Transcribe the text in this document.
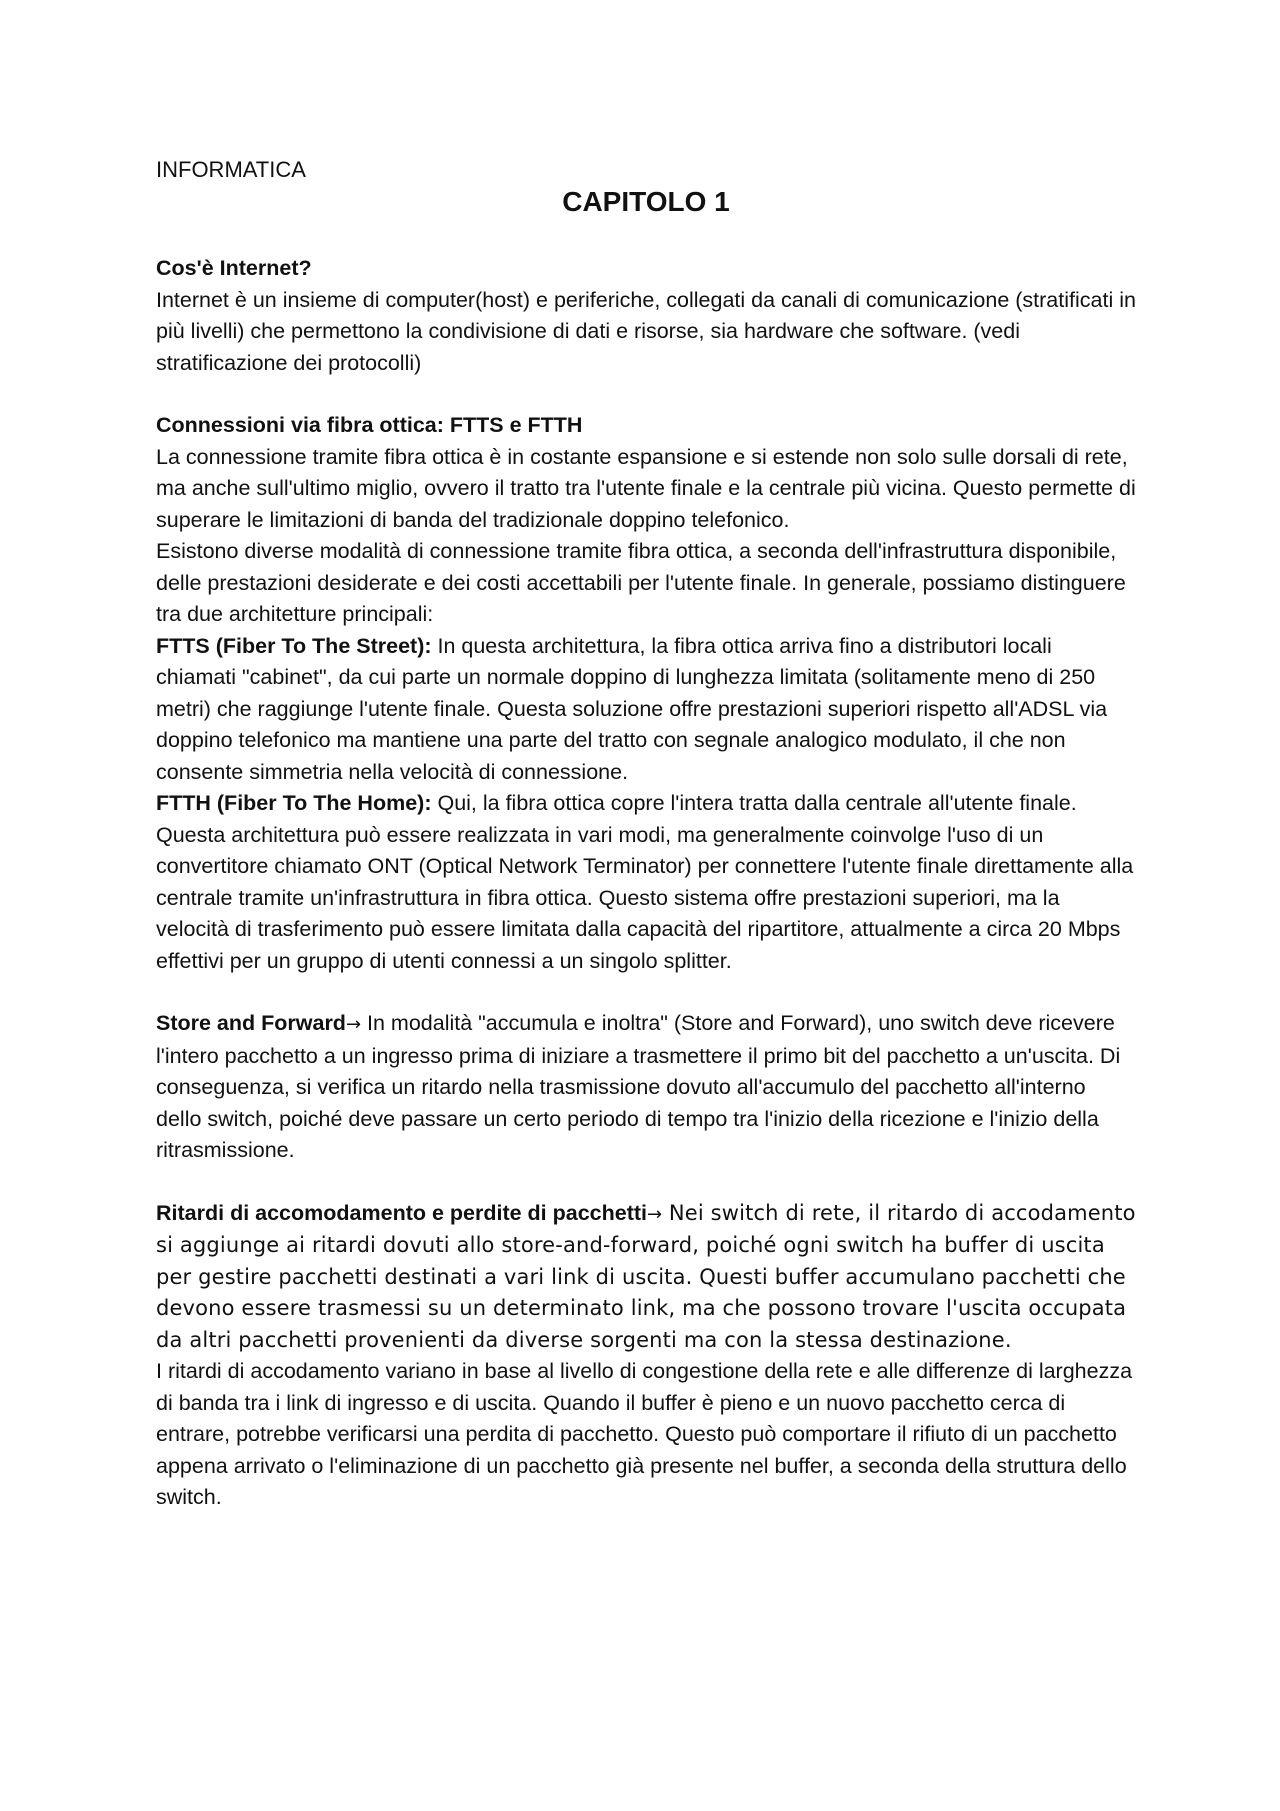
INFORMATICA

CAPITOLO 1

Cos'è Internet?

Internet è un insieme di computer(host) e periferiche, collegati da canali di comunicazione (stratificati in più livelli) che permettono la condivisione di dati e risorse, sia hardware che software. (vedi stratificazione dei protocolli)

Connessioni via fibra ottica: FTTS e FTTH

La connessione tramite fibra ottica è in costante espansione e si estende non solo sulle dorsali di rete, ma anche sull'ultimo miglio, ovvero il tratto tra l'utente finale e la centrale più vicina. Questo permette di superare le limitazioni di banda del tradizionale doppino telefonico.

Esistono diverse modalità di connessione tramite fibra ottica, a seconda dell'infrastruttura disponibile, delle prestazioni desiderate e dei costi accettabili per l'utente finale. In generale, possiamo distinguere tra due architetture principali:

FTTS (Fiber To The Street): In questa architettura, la fibra ottica arriva fino a distributori locali chiamati "cabinet", da cui parte un normale doppino di lunghezza limitata (solitamente meno di 250 metri) che raggiunge l'utente finale. Questa soluzione offre prestazioni superiori rispetto all'ADSL via doppino telefonico ma mantiene una parte del tratto con segnale analogico modulato, il che non consente simmetria nella velocità di connessione.

FTTH (Fiber To The Home): Qui, la fibra ottica copre l'intera tratta dalla centrale all'utente finale. Questa architettura può essere realizzata in vari modi, ma generalmente coinvolge l'uso di un convertitore chiamato ONT (Optical Network Terminator) per connettere l'utente finale direttamente alla centrale tramite un'infrastruttura in fibra ottica. Questo sistema offre prestazioni superiori, ma la velocità di trasferimento può essere limitata dalla capacità del ripartitore, attualmente a circa 20 Mbps effettivi per un gruppo di utenti connessi a un singolo splitter.

Store and Forward→ In modalità "accumula e inoltra" (Store and Forward), uno switch deve ricevere l'intero pacchetto a un ingresso prima di iniziare a trasmettere il primo bit del pacchetto a un'uscita. Di conseguenza, si verifica un ritardo nella trasmissione dovuto all'accumulo del pacchetto all'interno dello switch, poiché deve passare un certo periodo di tempo tra l'inizio della ricezione e l'inizio della ritrasmissione.

Ritardi di accomodamento e perdite di pacchetti→ Nei switch di rete, il ritardo di accodamento si aggiunge ai ritardi dovuti allo store-and-forward, poiché ogni switch ha buffer di uscita per gestire pacchetti destinati a vari link di uscita. Questi buffer accumulano pacchetti che devono essere trasmessi su un determinato link, ma che possono trovare l'uscita occupata da altri pacchetti provenienti da diverse sorgenti ma con la stessa destinazione.

I ritardi di accodamento variano in base al livello di congestione della rete e alle differenze di larghezza di banda tra i link di ingresso e di uscita. Quando il buffer è pieno e un nuovo pacchetto cerca di entrare, potrebbe verificarsi una perdita di pacchetto. Questo può comportare il rifiuto di un pacchetto appena arrivato o l'eliminazione di un pacchetto già presente nel buffer, a seconda della struttura dello switch.
